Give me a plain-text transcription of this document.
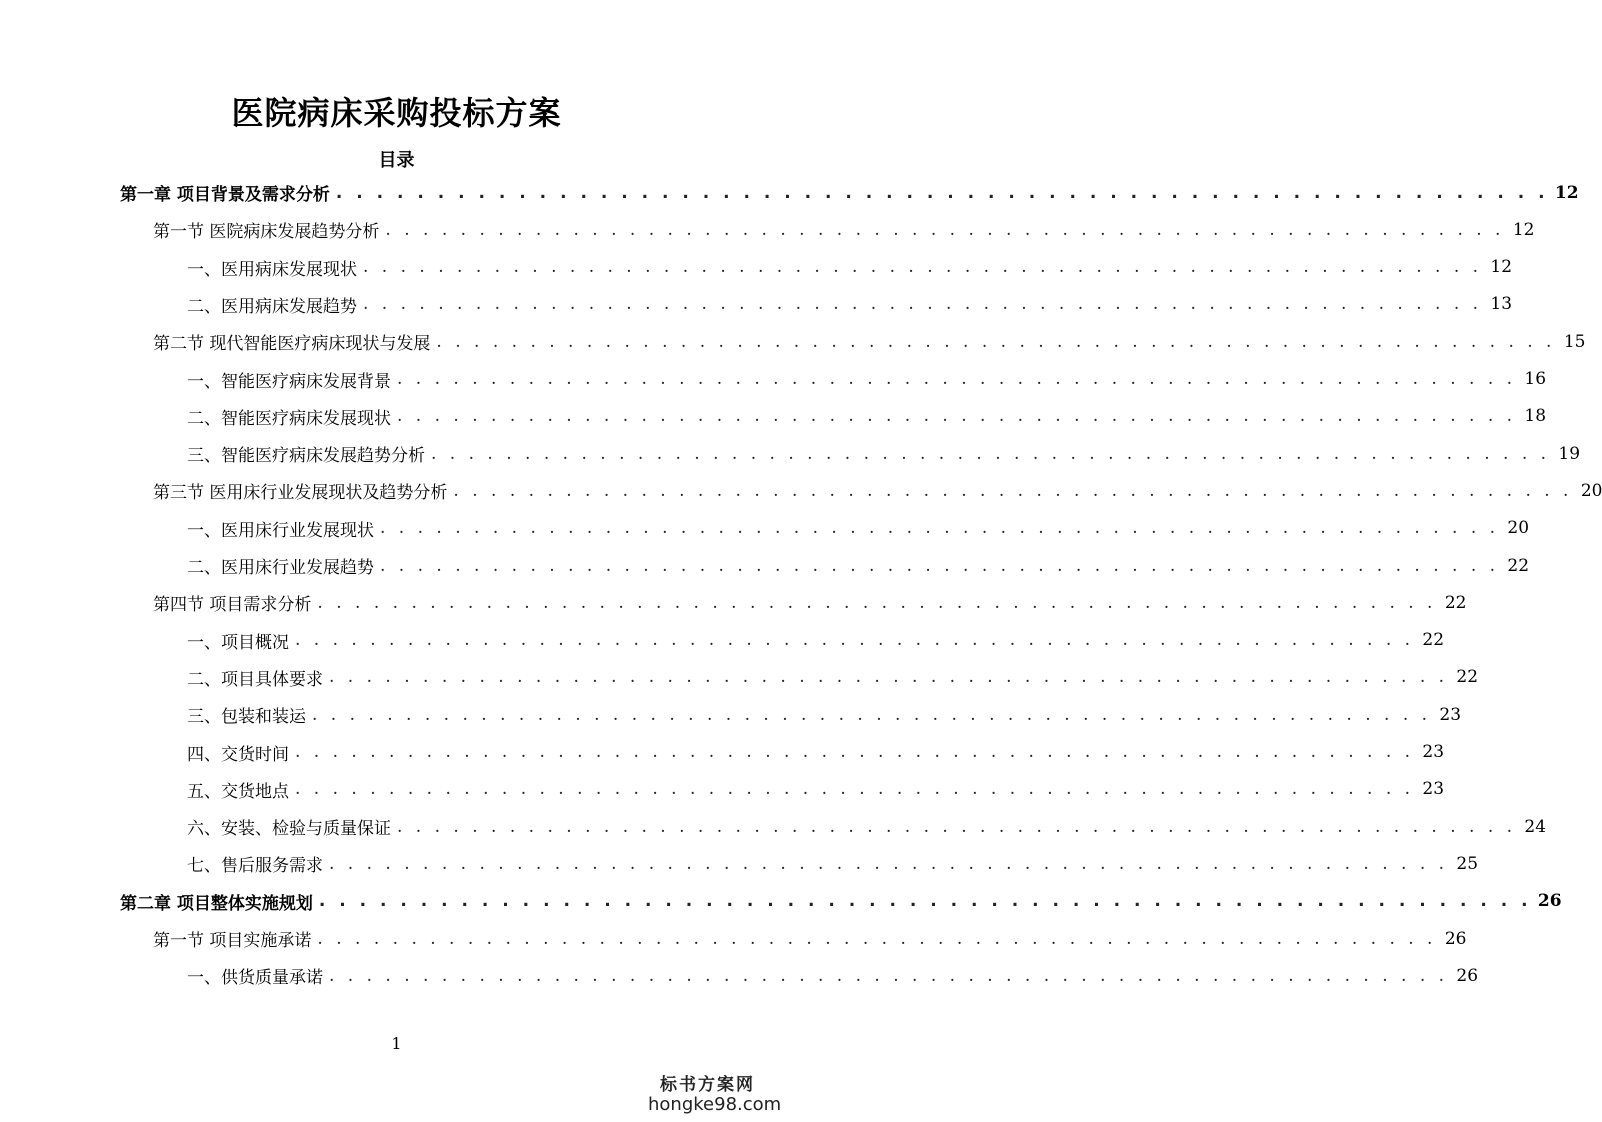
医院病床采购投标方案
目录
第一章 项目背景及需求分析 . . . . . . . . . . . . . . . . . . . . . . . . . . . . . . . . . . . . . . . . . . . . . . . . . . . . . . . . . . . . 12
第一节 医院病床发展趋势分析 . . . . . . . . . . . . . . . . . . . . . . . . . . . . . . . . . . . . . . . . . . . . . . . . . . . . . . . . . . . . 12
一、医用病床发展现状 . . . . . . . . . . . . . . . . . . . . . . . . . . . . . . . . . . . . . . . . . . . . . . . . . . . . . . . . . . . . 12
二、医用病床发展趋势 . . . . . . . . . . . . . . . . . . . . . . . . . . . . . . . . . . . . . . . . . . . . . . . . . . . . . . . . . . . . 13
第二节 现代智能医疗病床现状与发展 . . . . . . . . . . . . . . . . . . . . . . . . . . . . . . . . . . . . . . . . . . . . . . . . . . . . . . . . . . . . 15
一、智能医疗病床发展背景 . . . . . . . . . . . . . . . . . . . . . . . . . . . . . . . . . . . . . . . . . . . . . . . . . . . . . . . . . . . . 16
二、智能医疗病床发展现状 . . . . . . . . . . . . . . . . . . . . . . . . . . . . . . . . . . . . . . . . . . . . . . . . . . . . . . . . . . . . 18
三、智能医疗病床发展趋势分析 . . . . . . . . . . . . . . . . . . . . . . . . . . . . . . . . . . . . . . . . . . . . . . . . . . . . . . . . . . . . 19
第三节 医用床行业发展现状及趋势分析 . . . . . . . . . . . . . . . . . . . . . . . . . . . . . . . . . . . . . . . . . . . . . . . . . . . . . . . . . . . . 20
一、医用床行业发展现状 . . . . . . . . . . . . . . . . . . . . . . . . . . . . . . . . . . . . . . . . . . . . . . . . . . . . . . . . . . . . 20
二、医用床行业发展趋势 . . . . . . . . . . . . . . . . . . . . . . . . . . . . . . . . . . . . . . . . . . . . . . . . . . . . . . . . . . . . 22
第四节 项目需求分析 . . . . . . . . . . . . . . . . . . . . . . . . . . . . . . . . . . . . . . . . . . . . . . . . . . . . . . . . . . . . 22
一、项目概况 . . . . . . . . . . . . . . . . . . . . . . . . . . . . . . . . . . . . . . . . . . . . . . . . . . . . . . . . . . . . 22
二、项目具体要求 . . . . . . . . . . . . . . . . . . . . . . . . . . . . . . . . . . . . . . . . . . . . . . . . . . . . . . . . . . . . 22
三、包装和装运 . . . . . . . . . . . . . . . . . . . . . . . . . . . . . . . . . . . . . . . . . . . . . . . . . . . . . . . . . . . . 23
四、交货时间 . . . . . . . . . . . . . . . . . . . . . . . . . . . . . . . . . . . . . . . . . . . . . . . . . . . . . . . . . . . . 23
五、交货地点 . . . . . . . . . . . . . . . . . . . . . . . . . . . . . . . . . . . . . . . . . . . . . . . . . . . . . . . . . . . . 23
六、安装、检验与质量保证 . . . . . . . . . . . . . . . . . . . . . . . . . . . . . . . . . . . . . . . . . . . . . . . . . . . . . . . . . . . . 24
七、售后服务需求 . . . . . . . . . . . . . . . . . . . . . . . . . . . . . . . . . . . . . . . . . . . . . . . . . . . . . . . . . . . . 25
第二章 项目整体实施规划 . . . . . . . . . . . . . . . . . . . . . . . . . . . . . . . . . . . . . . . . . . . . . . . . . . . . . . . . . . . . 26
第一节 项目实施承诺 . . . . . . . . . . . . . . . . . . . . . . . . . . . . . . . . . . . . . . . . . . . . . . . . . . . . . . . . . . . . 26
一、供货质量承诺 . . . . . . . . . . . . . . . . . . . . . . . . . . . . . . . . . . . . . . . . . . . . . . . . . . . . . . . . . . . . 26
1
标书方案网
hongke98.com
